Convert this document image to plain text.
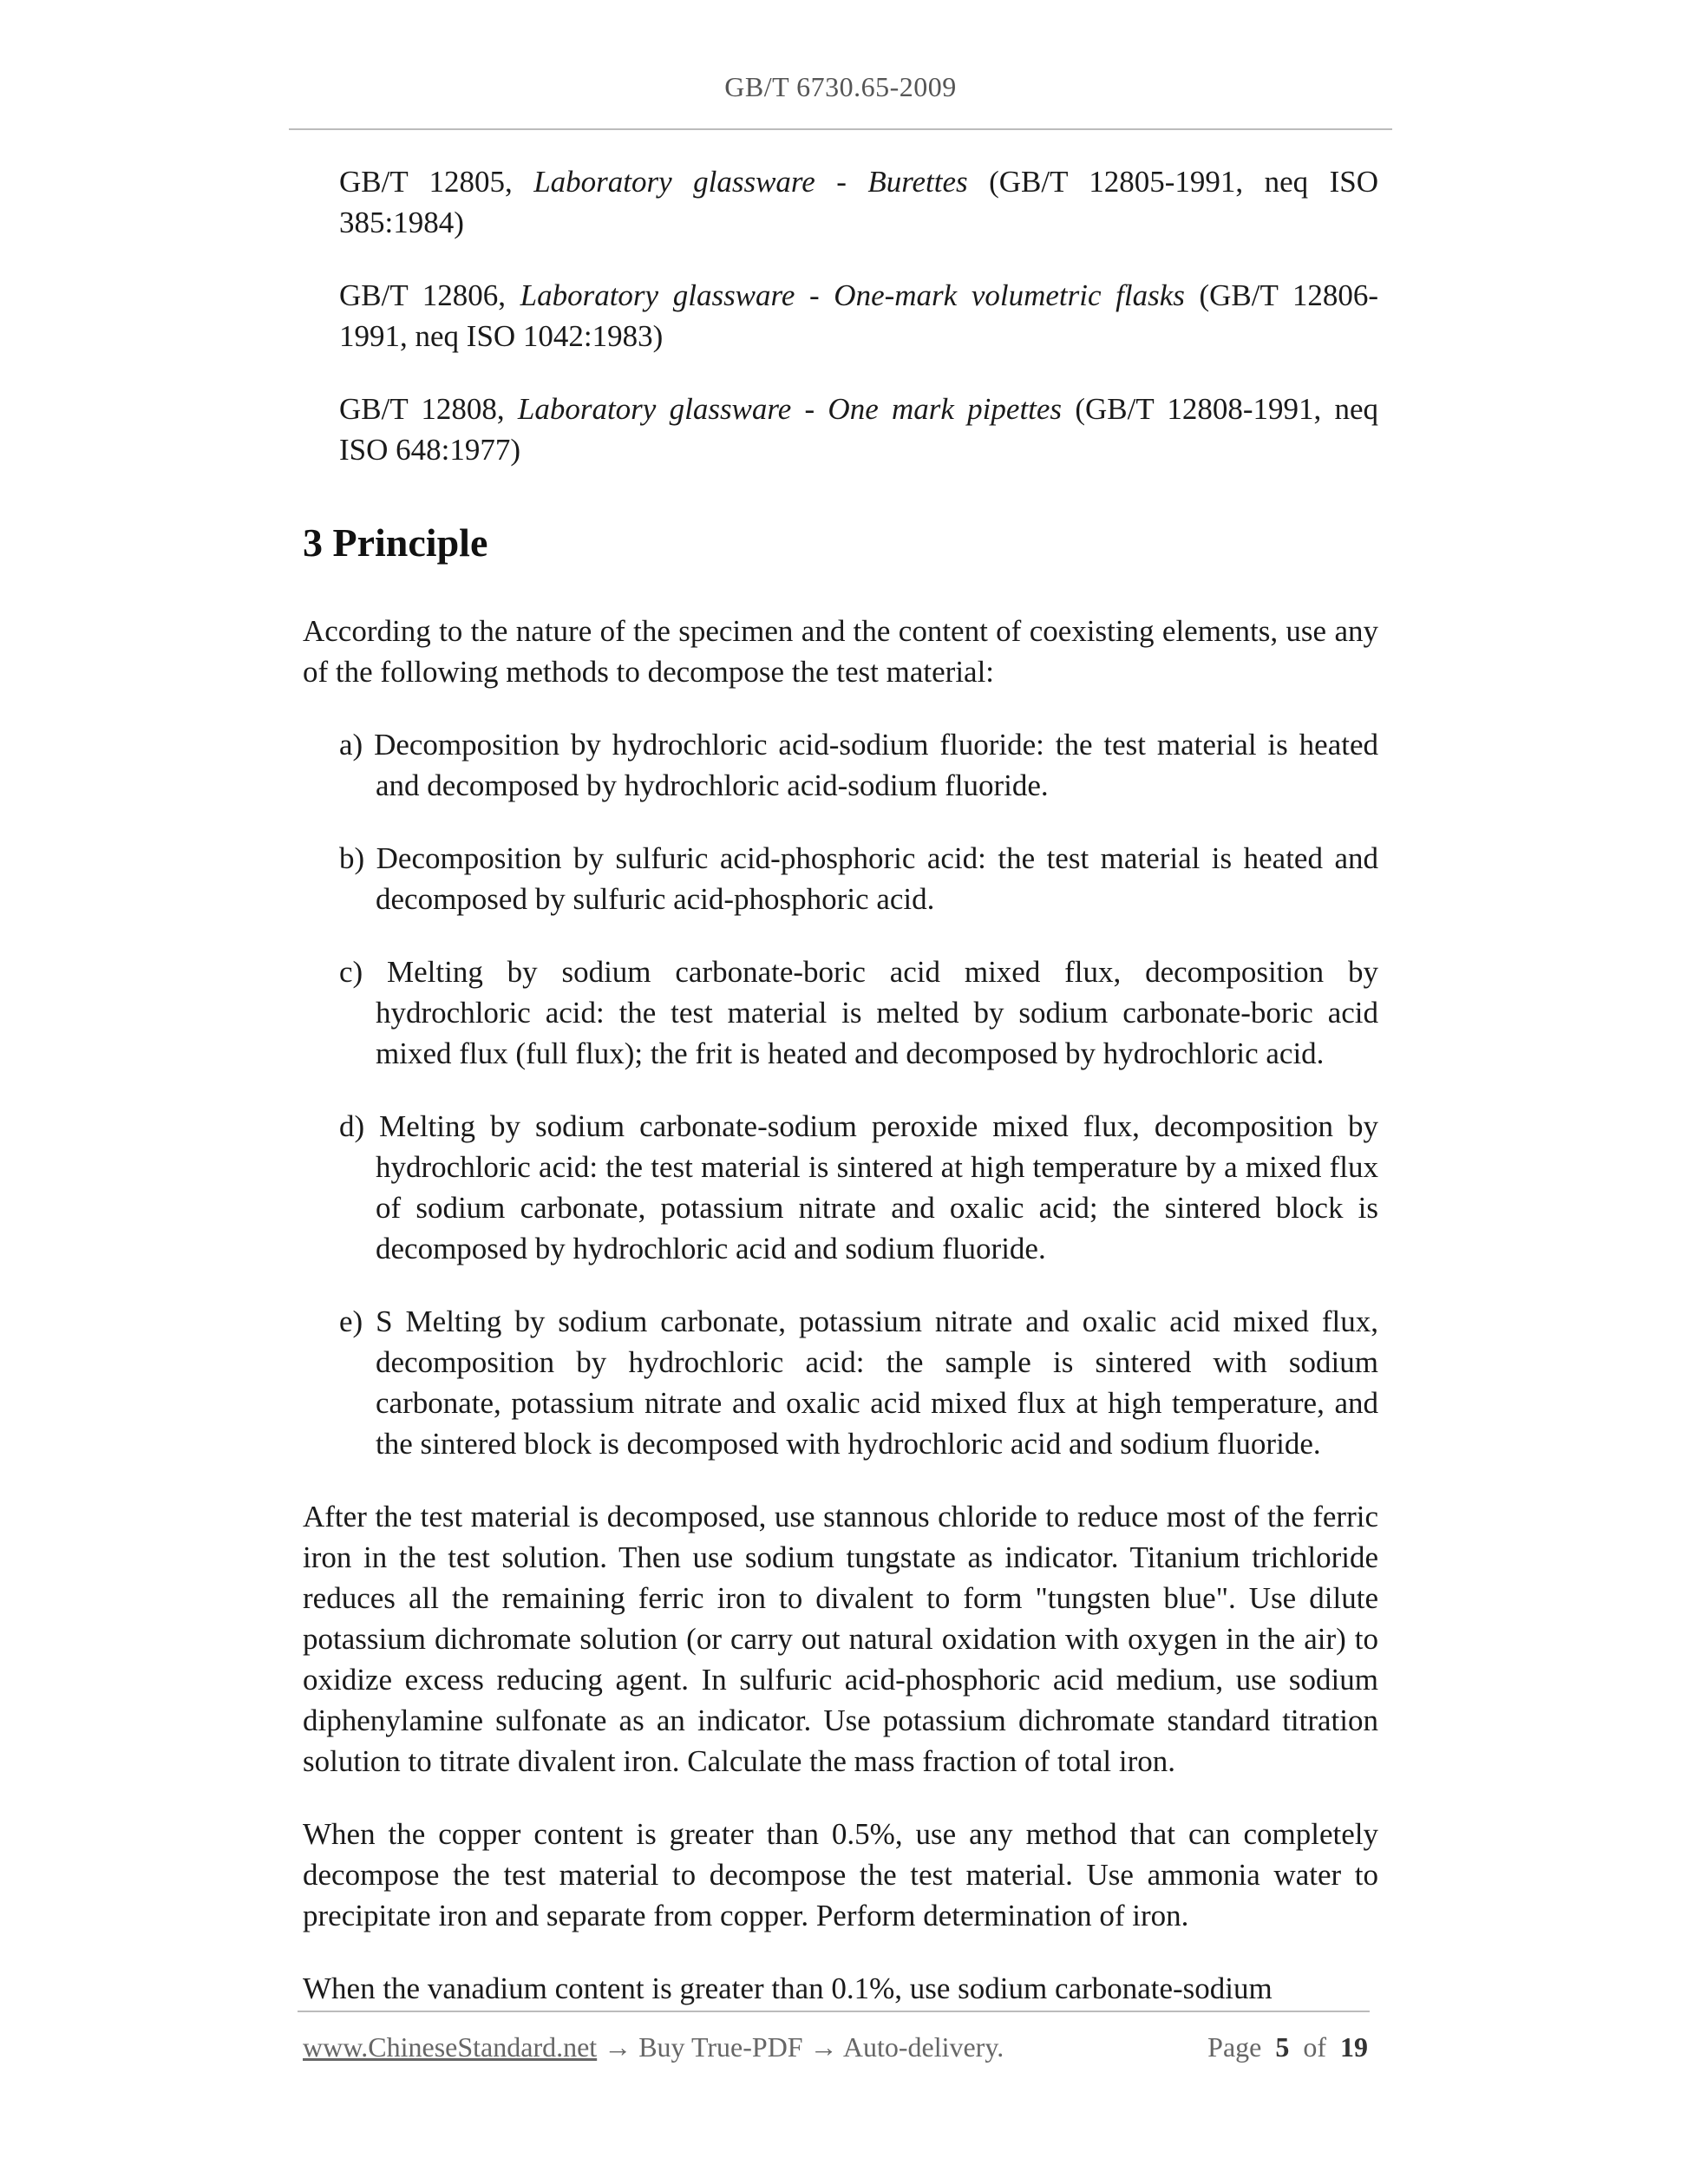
GB/T 6730.65-2009

GB/T 12805, Laboratory glassware - Burettes (GB/T 12805-1991, neq ISO 385:1984)

GB/T 12806, Laboratory glassware - One-mark volumetric flasks (GB/T 12806-1991, neq ISO 1042:1983)

GB/T 12808, Laboratory glassware - One mark pipettes (GB/T 12808-1991, neq ISO 648:1977)

3 Principle

According to the nature of the specimen and the content of coexisting elements, use any of the following methods to decompose the test material:

a) Decomposition by hydrochloric acid-sodium fluoride: the test material is heated and decomposed by hydrochloric acid-sodium fluoride.

b) Decomposition by sulfuric acid-phosphoric acid: the test material is heated and decomposed by sulfuric acid-phosphoric acid.

c) Melting by sodium carbonate-boric acid mixed flux, decomposition by hydrochloric acid: the test material is melted by sodium carbonate-boric acid mixed flux (full flux); the frit is heated and decomposed by hydrochloric acid.

d) Melting by sodium carbonate-sodium peroxide mixed flux, decomposition by hydrochloric acid: the test material is sintered at high temperature by a mixed flux of sodium carbonate, potassium nitrate and oxalic acid; the sintered block is decomposed by hydrochloric acid and sodium fluoride.

e) S Melting by sodium carbonate, potassium nitrate and oxalic acid mixed flux, decomposition by hydrochloric acid: the sample is sintered with sodium carbonate, potassium nitrate and oxalic acid mixed flux at high temperature, and the sintered block is decomposed with hydrochloric acid and sodium fluoride.

After the test material is decomposed, use stannous chloride to reduce most of the ferric iron in the test solution. Then use sodium tungstate as indicator. Titanium trichloride reduces all the remaining ferric iron to divalent to form "tungsten blue". Use dilute potassium dichromate solution (or carry out natural oxidation with oxygen in the air) to oxidize excess reducing agent. In sulfuric acid-phosphoric acid medium, use sodium diphenylamine sulfonate as an indicator. Use potassium dichromate standard titration solution to titrate divalent iron. Calculate the mass fraction of total iron.

When the copper content is greater than 0.5%, use any method that can completely decompose the test material to decompose the test material. Use ammonia water to precipitate iron and separate from copper. Perform determination of iron.

When the vanadium content is greater than 0.1%, use sodium carbonate-sodium

www.ChineseStandard.net → Buy True-PDF → Auto-delivery.	Page 5 of 19
